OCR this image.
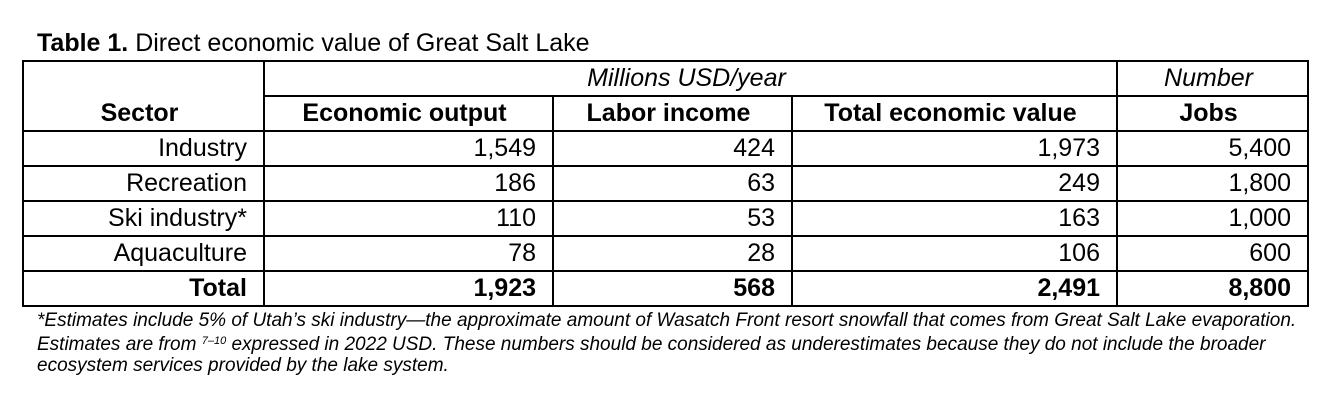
Table 1. Direct economic value of Great Salt Lake
	Millions USD/year			Number
Sector	Economic output	Labor income	Total economic value	Jobs
Industry	1,549	424	1,973	5,400
Recreation	186	63	249	1,800
Ski industry*	110	53	163	1,000
Aquaculture	78	28	106	600
Total	1,923	568	2,491	8,800
*Estimates include 5% of Utah’s ski industry—the approximate amount of Wasatch Front resort snowfall that comes from Great Salt Lake evaporation. Estimates are from $^{7-10}$ expressed in 2022 USD. These numbers should be considered as underestimates because they do not include the broader ecosystem services provided by the lake system.
